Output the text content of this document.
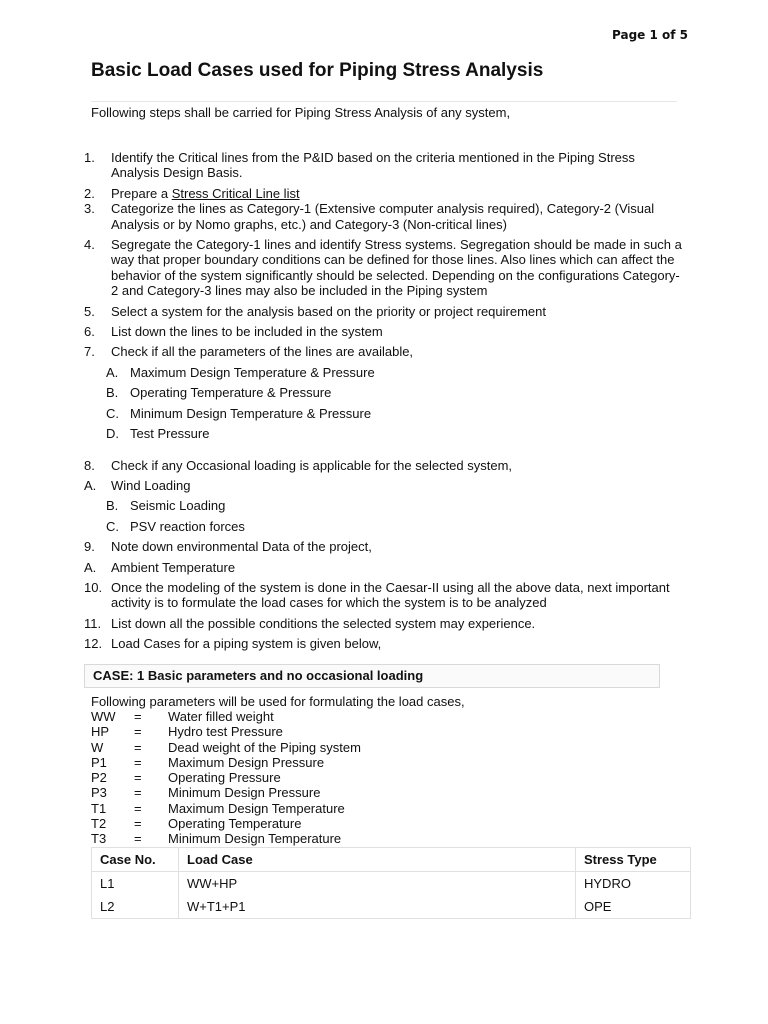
Page 1 of 5
Basic Load Cases used for Piping Stress Analysis
Following steps shall be carried for Piping Stress Analysis of any system,
1. Identify the Critical lines from the P&ID based on the criteria mentioned in the Piping Stress Analysis Design Basis.
2. Prepare a Stress Critical Line list
3. Categorize the lines as Category-1 (Extensive computer analysis required), Category-2 (Visual Analysis or by Nomo graphs, etc.) and Category-3 (Non-critical lines)
4. Segregate the Category-1 lines and identify Stress systems. Segregation should be made in such a way that proper boundary conditions can be defined for those lines. Also lines which can affect the behavior of the system significantly should be selected. Depending on the configurations Category-2 and Category-3 lines may also be included in the Piping system
5. Select a system for the analysis based on the priority or project requirement
6. List down the lines to be included in the system
7. Check if all the parameters of the lines are available,
A. Maximum Design Temperature & Pressure
B. Operating Temperature & Pressure
C. Minimum Design Temperature & Pressure
D. Test Pressure
8. Check if any Occasional loading is applicable for the selected system,
A. Wind Loading
B. Seismic Loading
C. PSV reaction forces
9. Note down environmental Data of the project,
A. Ambient Temperature
10. Once the modeling of the system is done in the Caesar-II using all the above data, next important activity is to formulate the load cases for which the system is to be analyzed
11. List down all the possible conditions the selected system may experience.
12. Load Cases for a piping system is given below,
CASE: 1 Basic parameters and no occasional loading
Following parameters will be used for formulating the load cases,
WW = Water filled weight
HP = Hydro test Pressure
W = Dead weight of the Piping system
P1 = Maximum Design Pressure
P2 = Operating Pressure
P3 = Minimum Design Pressure
T1 = Maximum Design Temperature
T2 = Operating Temperature
T3 = Minimum Design Temperature
Case No.	Load Case	Stress Type
L1	WW+HP	HYDRO
L2	W+T1+P1	OPE
